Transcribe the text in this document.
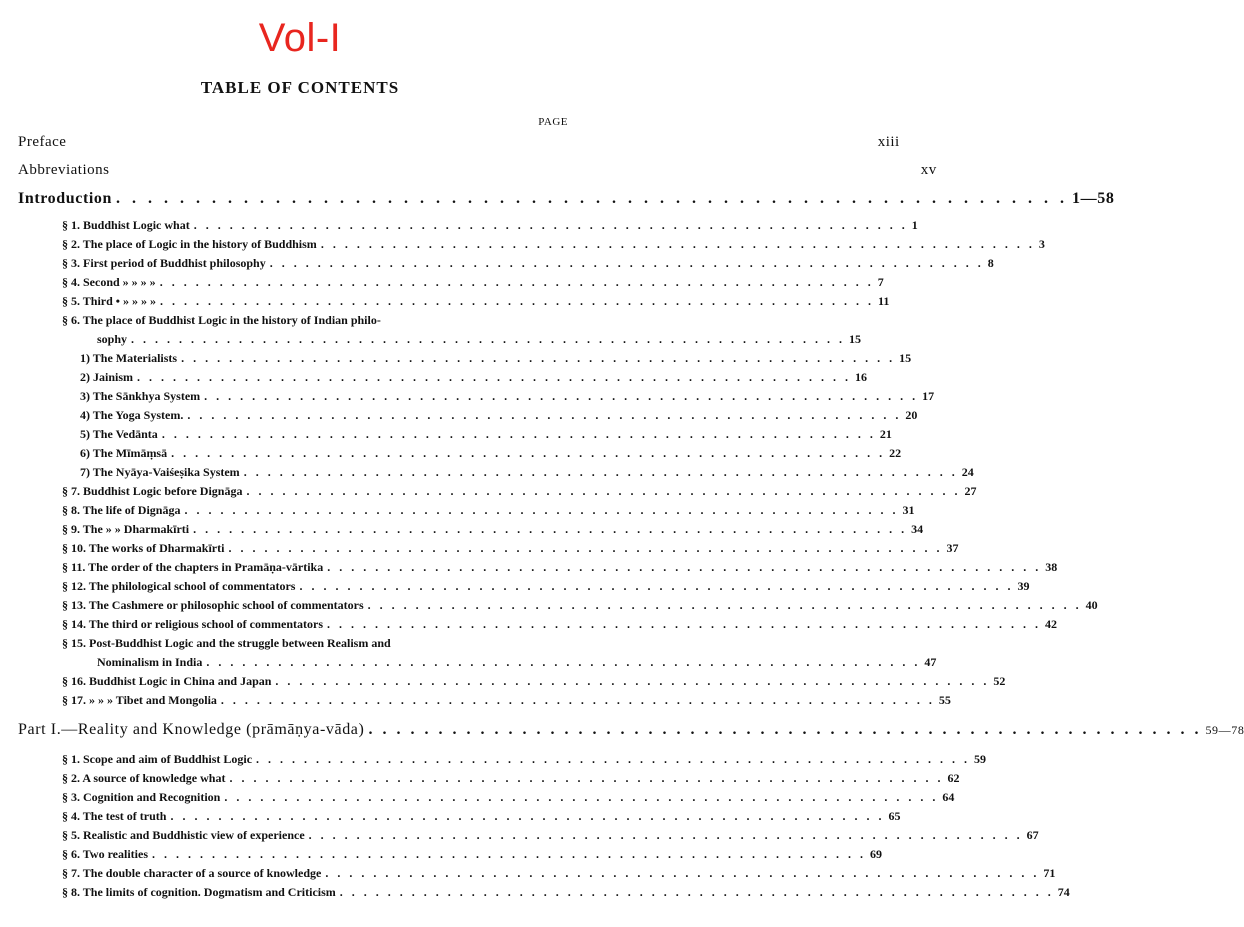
Vol-I
TABLE OF CONTENTS
PAGE
Preface	xiii
Abbreviations	xv
Introduction . . . . . . . . . . . . . . . . . . . . . . . . . . . . . . . . . . . . . . . . . . . . . . . . . . . . . . . . . . . . 1—58
§ 1. Buddhist Logic what . . . . . . . . . . . . . . . . . . . . . . . . . . . . . . . . . . . . . . . . . . . . . . . . . . . . . . . . . . . . 1
§ 2. The place of Logic in the history of Buddhism . . . . . . . . . . . . . . . . . . . . . . . . . . . . . . . . . . . . . . . . . . . . . . . . . . . . . . . . . . . . 3
§ 3. First period of Buddhist philosophy . . . . . . . . . . . . . . . . . . . . . . . . . . . . . . . . . . . . . . . . . . . . . . . . . . . . . . . . . . . . 8
§ 4. Second » » » » . . . . . . . . . . . . . . . . . . . . . . . . . . . . . . . . . . . . . . . . . . . . . . . . . . . . . . . . . . . . 7
§ 5. Third • » » » » . . . . . . . . . . . . . . . . . . . . . . . . . . . . . . . . . . . . . . . . . . . . . . . . . . . . . . . . . . . . 11
§ 6. The place of Buddhist Logic in the history of Indian philo-
sophy . . . . . . . . . . . . . . . . . . . . . . . . . . . . . . . . . . . . . . . . . . . . . . . . . . . . . . . . . . . . 15
1) The Materialists . . . . . . . . . . . . . . . . . . . . . . . . . . . . . . . . . . . . . . . . . . . . . . . . . . . . . . . . . . . . 15
2) Jainism . . . . . . . . . . . . . . . . . . . . . . . . . . . . . . . . . . . . . . . . . . . . . . . . . . . . . . . . . . . . 16
3) The Sānkhya System . . . . . . . . . . . . . . . . . . . . . . . . . . . . . . . . . . . . . . . . . . . . . . . . . . . . . . . . . . . . 17
4) The Yoga System. . . . . . . . . . . . . . . . . . . . . . . . . . . . . . . . . . . . . . . . . . . . . . . . . . . . . . . . . . . . . 20
5) The Vedānta . . . . . . . . . . . . . . . . . . . . . . . . . . . . . . . . . . . . . . . . . . . . . . . . . . . . . . . . . . . . 21
6) The Mīmāṃsā . . . . . . . . . . . . . . . . . . . . . . . . . . . . . . . . . . . . . . . . . . . . . . . . . . . . . . . . . . . . 22
7) The Nyāya-Vaiśeṣika System . . . . . . . . . . . . . . . . . . . . . . . . . . . . . . . . . . . . . . . . . . . . . . . . . . . . . . . . . . . . 24
§ 7. Buddhist Logic before Dignāga . . . . . . . . . . . . . . . . . . . . . . . . . . . . . . . . . . . . . . . . . . . . . . . . . . . . . . . . . . . . 27
§ 8. The life of Dignāga . . . . . . . . . . . . . . . . . . . . . . . . . . . . . . . . . . . . . . . . . . . . . . . . . . . . . . . . . . . . 31
§ 9. The » » Dharmakīrti . . . . . . . . . . . . . . . . . . . . . . . . . . . . . . . . . . . . . . . . . . . . . . . . . . . . . . . . . . . . 34
§ 10. The works of Dharmakīrti . . . . . . . . . . . . . . . . . . . . . . . . . . . . . . . . . . . . . . . . . . . . . . . . . . . . . . . . . . . . 37
§ 11. The order of the chapters in Pramāṇa-vārtika . . . . . . . . . . . . . . . . . . . . . . . . . . . . . . . . . . . . . . . . . . . . . . . . . . . . . . . . . . . . 38
§ 12. The philological school of commentators . . . . . . . . . . . . . . . . . . . . . . . . . . . . . . . . . . . . . . . . . . . . . . . . . . . . . . . . . . . . 39
§ 13. The Cashmere or philosophic school of commentators . . . . . . . . . . . . . . . . . . . . . . . . . . . . . . . . . . . . . . . . . . . . . . . . . . . . . . . . . . . . 40
§ 14. The third or religious school of commentators . . . . . . . . . . . . . . . . . . . . . . . . . . . . . . . . . . . . . . . . . . . . . . . . . . . . . . . . . . . . 42
§ 15. Post-Buddhist Logic and the struggle between Realism and
Nominalism in India . . . . . . . . . . . . . . . . . . . . . . . . . . . . . . . . . . . . . . . . . . . . . . . . . . . . . . . . . . . . 47
§ 16. Buddhist Logic in China and Japan . . . . . . . . . . . . . . . . . . . . . . . . . . . . . . . . . . . . . . . . . . . . . . . . . . . . . . . . . . . . 52
§ 17. » » » Tibet and Mongolia . . . . . . . . . . . . . . . . . . . . . . . . . . . . . . . . . . . . . . . . . . . . . . . . . . . . . . . . . . . . 55
Part I.—Reality and Knowledge (prāmāṇya-vāda) . . . . . . . . . . . . . . . . . . . . . . . . . . . . . . . . . . . . . . . . . . . . . . . . . . . . . . . . . . . . 59—78
§ 1. Scope and aim of Buddhist Logic . . . . . . . . . . . . . . . . . . . . . . . . . . . . . . . . . . . . . . . . . . . . . . . . . . . . . . . . . . . . 59
§ 2. A source of knowledge what . . . . . . . . . . . . . . . . . . . . . . . . . . . . . . . . . . . . . . . . . . . . . . . . . . . . . . . . . . . . 62
§ 3. Cognition and Recognition . . . . . . . . . . . . . . . . . . . . . . . . . . . . . . . . . . . . . . . . . . . . . . . . . . . . . . . . . . . . 64
§ 4. The test of truth . . . . . . . . . . . . . . . . . . . . . . . . . . . . . . . . . . . . . . . . . . . . . . . . . . . . . . . . . . . . 65
§ 5. Realistic and Buddhistic view of experience . . . . . . . . . . . . . . . . . . . . . . . . . . . . . . . . . . . . . . . . . . . . . . . . . . . . . . . . . . . . 67
§ 6. Two realities . . . . . . . . . . . . . . . . . . . . . . . . . . . . . . . . . . . . . . . . . . . . . . . . . . . . . . . . . . . . 69
§ 7. The double character of a source of knowledge . . . . . . . . . . . . . . . . . . . . . . . . . . . . . . . . . . . . . . . . . . . . . . . . . . . . . . . . . . . . 71
§ 8. The limits of cognition. Dogmatism and Criticism . . . . . . . . . . . . . . . . . . . . . . . . . . . . . . . . . . . . . . . . . . . . . . . . . . . . . . . . . . . . 74
